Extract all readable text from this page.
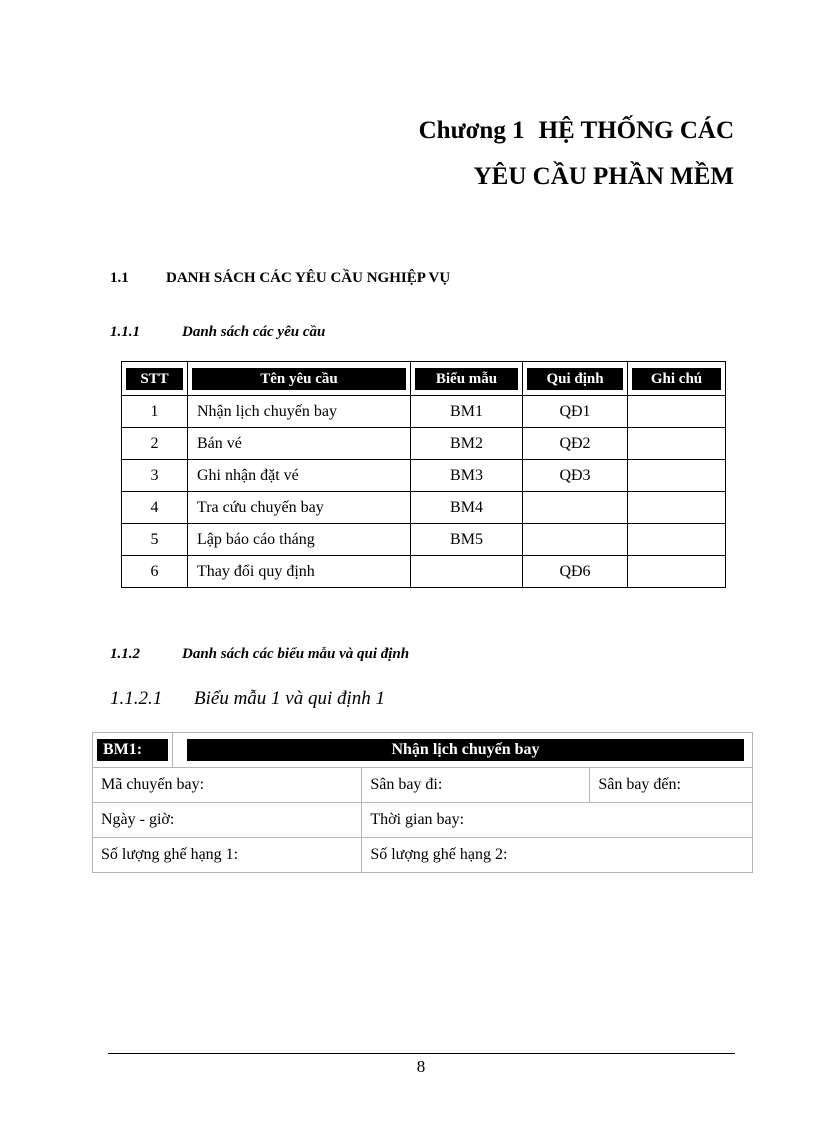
Chương 1 HỆ THỐNG CÁC
YÊU CẦU PHẦN MỀM
1.1 DANH SÁCH CÁC YÊU CẦU NGHIỆP VỤ
1.1.1	Danh sách các yêu cầu
STT	Tên yêu cầu	Biểu mẫu	Qui định	Ghi chú

1	Nhận lịch chuyến bay	BM1	QĐ1	
2	Bán vé	BM2	QĐ2	
3	Ghi nhận đặt vé	BM3	QĐ3	
4	Tra cứu chuyến bay	BM4		
5	Lập báo cáo tháng	BM5		
6	Thay đổi quy định		QĐ6	
1.1.2	Danh sách các biểu mẫu và qui định
1.1.2.1 Biểu mẫu 1 và qui định 1
BM1:	Nhận lịch chuyến bay		

Mã chuyến bay:		Sân bay đi:	Sân bay đến:
Ngày - giờ:		Thời gian bay:	
Số lượng ghế hạng 1:		Số lượng ghế hạng 2:	
8
